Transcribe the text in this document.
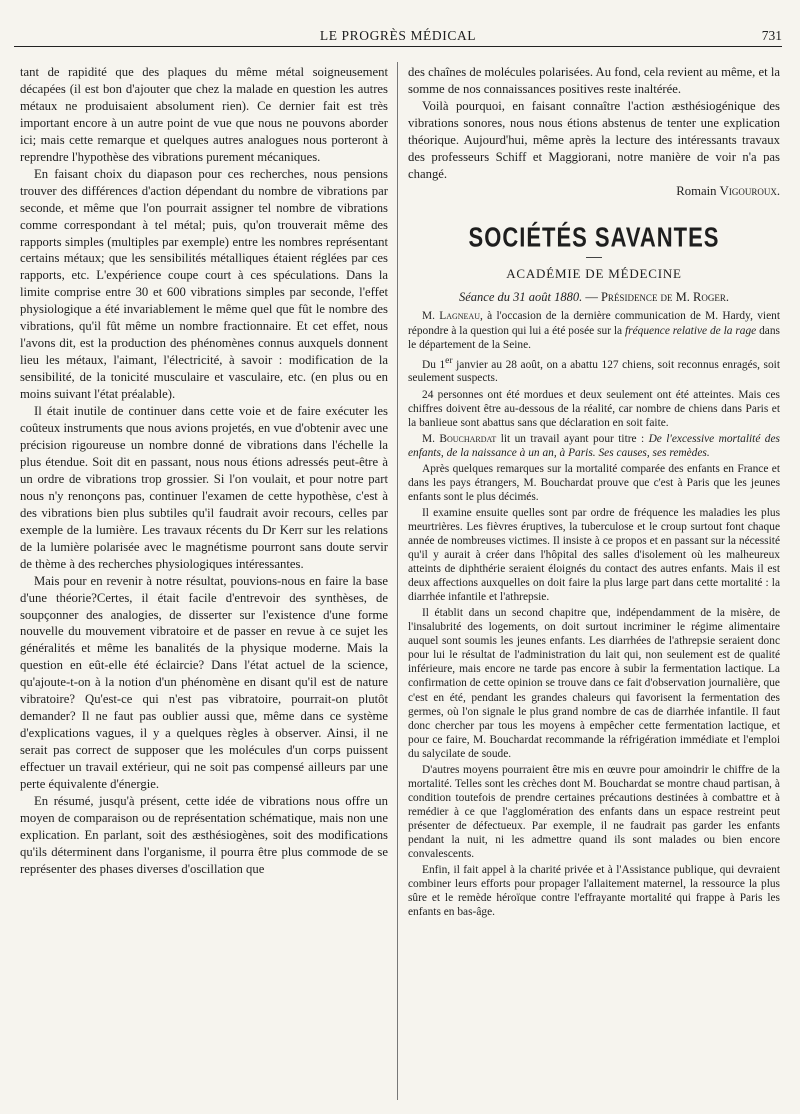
LE PROGRÈS MÉDICAL	731

tant de rapidité que des plaques du même métal soigneusement décapées (il est bon d'ajouter que chez la malade en question les autres métaux ne produisaient absolument rien). Ce dernier fait est très important encore à un autre point de vue que nous ne pouvons aborder ici; mais cette remarque et quelques autres analogues nous porteront à reprendre l'hypothèse des vibrations purement mécaniques.

En faisant choix du diapason pour ces recherches, nous pensions trouver des différences d'action dépendant du nombre de vibrations par seconde, et même que l'on pourrait assigner tel nombre de vibrations comme correspondant à tel métal; puis, qu'on trouverait même des rapports simples (multiples par exemple) entre les nombres représentant certains métaux; que les sensibilités métalliques étaient réglées par ces rapports, etc. L'expérience coupe court à ces spéculations. Dans la limite comprise entre 30 et 600 vibrations simples par seconde, l'effet physiologique a été invariablement le même quel que fût le nombre des vibrations, qu'il fût même un nombre fractionnaire. Et cet effet, nous l'avons dit, est la production des phénomènes connus auxquels donnent lieu les métaux, l'aimant, l'électricité, à savoir : modification de la sensibilité, de la tonicité musculaire et vasculaire, etc. (en plus ou en moins suivant l'état préalable).

Il était inutile de continuer dans cette voie et de faire exécuter les coûteux instruments que nous avions projetés, en vue d'obtenir avec une précision rigoureuse un nombre donné de vibrations dans l'échelle la plus étendue. Soit dit en passant, nous nous étions adressés peut-être à un ordre de vibrations trop grossier. Si l'on voulait, et pour notre part nous n'y renonçons pas, continuer l'examen de cette hypothèse, c'est à des vibrations bien plus subtiles qu'il faudrait avoir recours, celles par exemple de la lumière. Les travaux récents du Dr Kerr sur les relations de la lumière polarisée avec le magnétisme pourront sans doute servir de thème à des recherches physiologiques intéressantes.

Mais pour en revenir à notre résultat, pouvions-nous en faire la base d'une théorie?Certes, il était facile d'entrevoir des synthèses, de soupçonner des analogies, de disserter sur l'existence d'une forme nouvelle du mouvement vibratoire et de passer en revue à ce sujet les généralités et même les banalités de la physique moderne. Mais la question en eût-elle été éclaircie? Dans l'état actuel de la science, qu'ajoute-t-on à la notion d'un phénomène en disant qu'il est de nature vibratoire? Qu'est-ce qui n'est pas vibratoire, pourrait-on plutôt demander? Il ne faut pas oublier aussi que, même dans ce système d'explications vagues, il y a quelques règles à observer. Ainsi, il ne serait pas correct de supposer que les molécules d'un corps puissent effectuer un travail extérieur, qui ne soit pas compensé ailleurs par une perte équivalente d'énergie.

En résumé, jusqu'à présent, cette idée de vibrations nous offre un moyen de comparaison ou de représentation schématique, mais non une explication. En parlant, soit des æsthésiogènes, soit des modifications qu'ils déterminent dans l'organisme, il pourra être plus commode de se représenter des phases diverses d'oscillation que

des chaînes de molécules polarisées. Au fond, cela revient au même, et la somme de nos connaissances positives reste inaltérée.

Voilà pourquoi, en faisant connaître l'action æsthésiogénique des vibrations sonores, nous nous étions abstenus de tenter une explication théorique. Aujourd'hui, même après la lecture des intéressants travaux des professeurs Schiff et Maggiorani, notre manière de voir n'a pas changé.

Romain Vigouroux.
SOCIÉTÉS SAVANTES
ACADÉMIE DE MÉDECINE
Séance du 31 août 1880. — Présidence de M. Roger.

M. Lagneau, à l'occasion de la dernière communication de M. Hardy, vient répondre à la question qui lui a été posée sur la fréquence relative de la rage dans le département de la Seine.

Du 1er janvier au 28 août, on a abattu 127 chiens, soit reconnus enragés, soit seulement suspects.

24 personnes ont été mordues et deux seulement ont été atteintes. Mais ces chiffres doivent être au-dessous de la réalité, car nombre de chiens dans Paris et la banlieue sont abattus sans que déclaration en soit faite.

M. Bouchardat lit un travail ayant pour titre : De l'excessive mortalité des enfants, de la naissance à un an, à Paris. Ses causes, ses remèdes.

Après quelques remarques sur la mortalité comparée des enfants en France et dans les pays étrangers, M. Bouchardat prouve que c'est à Paris que les jeunes enfants sont le plus décimés.

Il examine ensuite quelles sont par ordre de fréquence les maladies les plus meurtrières. Les fièvres éruptives, la tuberculose et le croup surtout font chaque année de nombreuses victimes. Il insiste à ce propos et en passant sur la nécessité qu'il y aurait à créer dans l'hôpital des salles d'isolement où les malheureux atteints de diphthérie seraient éloignés du contact des autres enfants. Mais il est deux affections auxquelles on doit faire la plus large part dans cette mortalité : la diarrhée infantile et l'athrepsie.

Il établit dans un second chapitre que, indépendamment de la misère, de l'insalubrité des logements, on doit surtout incriminer le régime alimentaire auquel sont soumis les jeunes enfants. Les diarrhées de l'athrepsie seraient donc pour lui le résultat de l'administration du lait qui, non seulement est de qualité inférieure, mais encore ne tarde pas encore à subir la fermentation lactique. La confirmation de cette opinion se trouve dans ce fait d'observation journalière, que c'est en été, pendant les grandes chaleurs qui favorisent la fermentation des germes, où l'on signale le plus grand nombre de cas de diarrhée infantile. Il faut donc chercher par tous les moyens à empêcher cette fermentation lactique, et pour ce faire, M. Bouchardat recommande la réfrigération immédiate et l'emploi du salycilate de soude.

D'autres moyens pourraient être mis en œuvre pour amoindrir le chiffre de la mortalité. Telles sont les crèches dont M. Bouchardat se montre chaud partisan, à condition toutefois de prendre certaines précautions destinées à combattre et à remédier à ce que l'agglomération des enfants dans un espace restreint peut présenter de défectueux. Par exemple, il ne faudrait pas garder les enfants pendant la nuit, ni les admettre quand ils sont malades ou bien encore convalescents.

Enfin, il fait appel à la charité privée et à l'Assistance publique, qui devraient combiner leurs efforts pour propager l'allaitement maternel, la ressource la plus sûre et le remède héroïque contre l'effrayante mortalité qui frappe à Paris les enfants en bas-âge.
